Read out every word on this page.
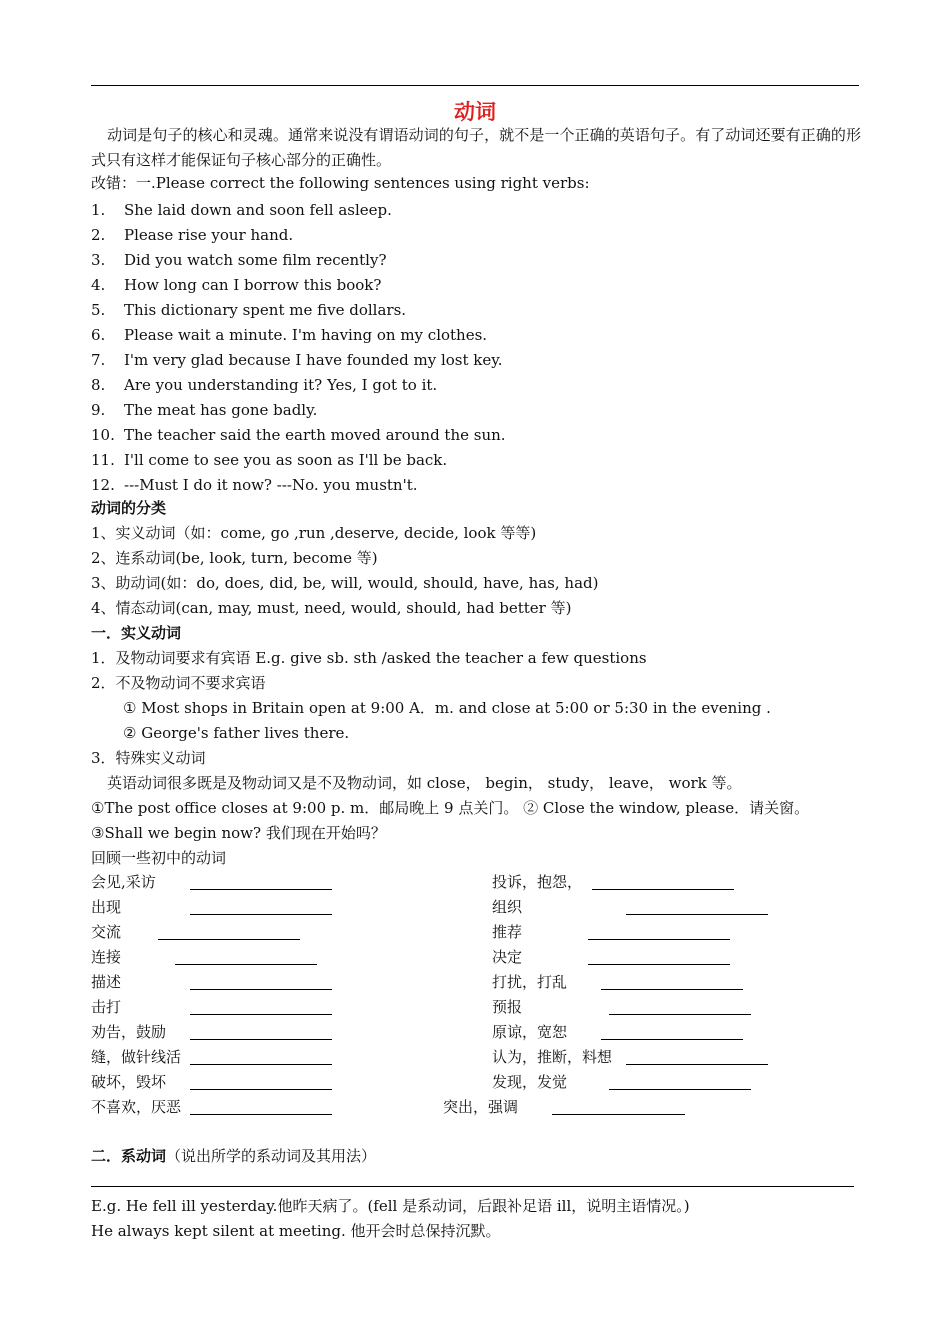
动词
动词是句子的核心和灵魂。通常来说没有谓语动词的句子，就不是一个正确的英语句子。有了动词还要有正确的形式只有这样才能保证句子核心部分的正确性。
改错：一.Please correct the following sentences using right verbs:
1. She laid down and soon fell asleep.
2. Please rise your hand.
3. Did you watch some film recently?
4. How long can I borrow this book?
5. This dictionary spent me five dollars.
6. Please wait a minute. I'm having on my clothes.
7. I'm very glad because I have founded my lost key.
8. Are you understanding it? Yes, I got to it.
9. The meat has gone badly.
10. The teacher said the earth moved around the sun.
11. I'll come to see you as soon as I'll be back.
12. ---Must I do it now? ---No. you mustn't.
动词的分类
1、实义动词（如：come, go ,run ,deserve, decide, look 等等)
2、连系动词(be, look, turn, become 等)
3、助动词(如：do, does, did, be, will, would, should, have, has, had)
4、情态动词(can, may, must, need, would, should, had better 等)
一．实义动词
1．及物动词要求有宾语 E.g. give sb. sth /asked the teacher a few questions
2．不及物动词不要求宾语
① Most shops in Britain open at 9:00 A．m. and close at 5:00 or 5:30 in the evening .
② George's father lives there.
3．特殊实义动词
英语动词很多既是及物动词又是不及物动词，如 close， begin， study， leave， work 等。
①The post office closes at 9:00 p. m．邮局晚上 9 点关门。 ② Close the window, please．请关窗。
③Shall we begin now? 我们现在开始吗？
回顾一些初中的动词
会见,采访	投诉，抱怨，
出现	组织
交流	推荐
连接	决定
描述	打扰，打乱
击打	预报
劝告，鼓励	原谅，宽恕
缝，做针线活	认为，推断，料想
破坏，毁坏	发现，发觉
不喜欢，厌恶	突出，强调
二．系动词（说出所学的系动词及其用法）
E.g. He fell ill yesterday.他昨天病了。(fell 是系动词，后跟补足语 ill，说明主语情况。)
He always kept silent at meeting. 他开会时总保持沉默。
